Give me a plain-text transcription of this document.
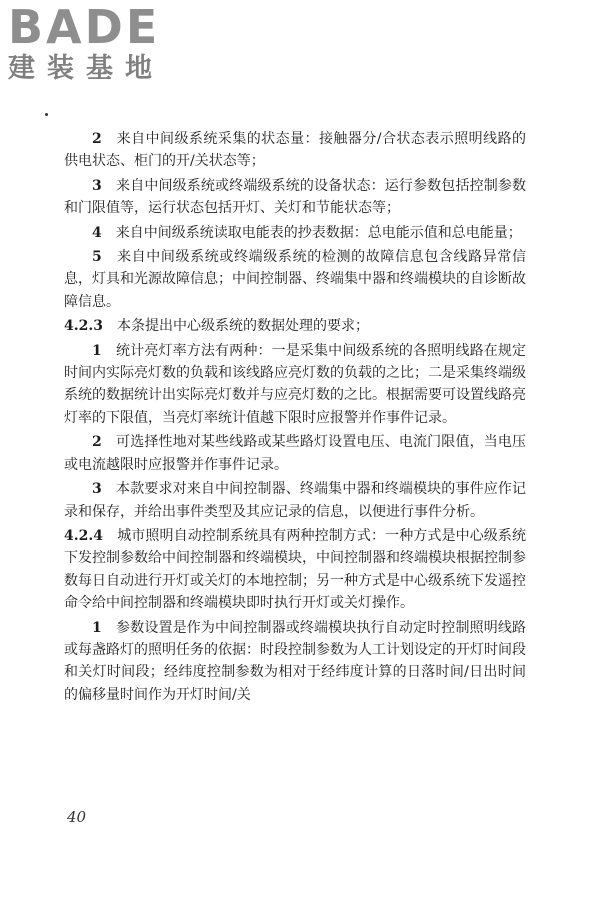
BADE
建装基地

2　 来自中间级系统采集的状态量：接触器分/合状态表示照明线路的供电状态、柜门的开/关状态等；

3　 来自中间级系统或终端级系统的设备状态：运行参数包括控制参数和门限值等，运行状态包括开灯、关灯和节能状态等；

4　 来自中间级系统读取电能表的抄表数据：总电能示值和总电能量；

5　 来自中间级系统或终端级系统的检测的故障信息包含线路异常信息，灯具和光源故障信息；中间控制器、终端集中器和终端模块的自诊断故障信息。

4.2.3　 本条提出中心级系统的数据处理的要求；

1　 统计亮灯率方法有两种：一是采集中间级系统的各照明线路在规定时间内实际亮灯数的负载和该线路应亮灯数的负载的之比；二是采集终端级系统的数据统计出实际亮灯数并与应亮灯数的之比。根据需要可设置线路亮灯率的下限值，当亮灯率统计值越下限时应报警并作事件记录。

2　 可选择性地对某些线路或某些路灯设置电压、电流门限值，当电压或电流越限时应报警并作事件记录。

3　 本款要求对来自中间控制器、终端集中器和终端模块的事件应作记录和保存，并给出事件类型及其应记录的信息，以便进行事件分析。

4.2.4　 城市照明自动控制系统具有两种控制方式：一种方式是中心级系统下发控制参数给中间控制器和终端模块，中间控制器和终端模块根据控制参数每日自动进行开灯或关灯的本地控制；另一种方式是中心级系统下发遥控命令给中间控制器和终端模块即时执行开灯或关灯操作。

1　 参数设置是作为中间控制器或终端模块执行自动定时控制照明线路或每盏路灯的照明任务的依据：时段控制参数为人工计划设定的开灯时间段和关灯时间段；经纬度控制参数为相对于经纬度计算的日落时间/日出时间的偏移量时间作为开灯时间/关

40
